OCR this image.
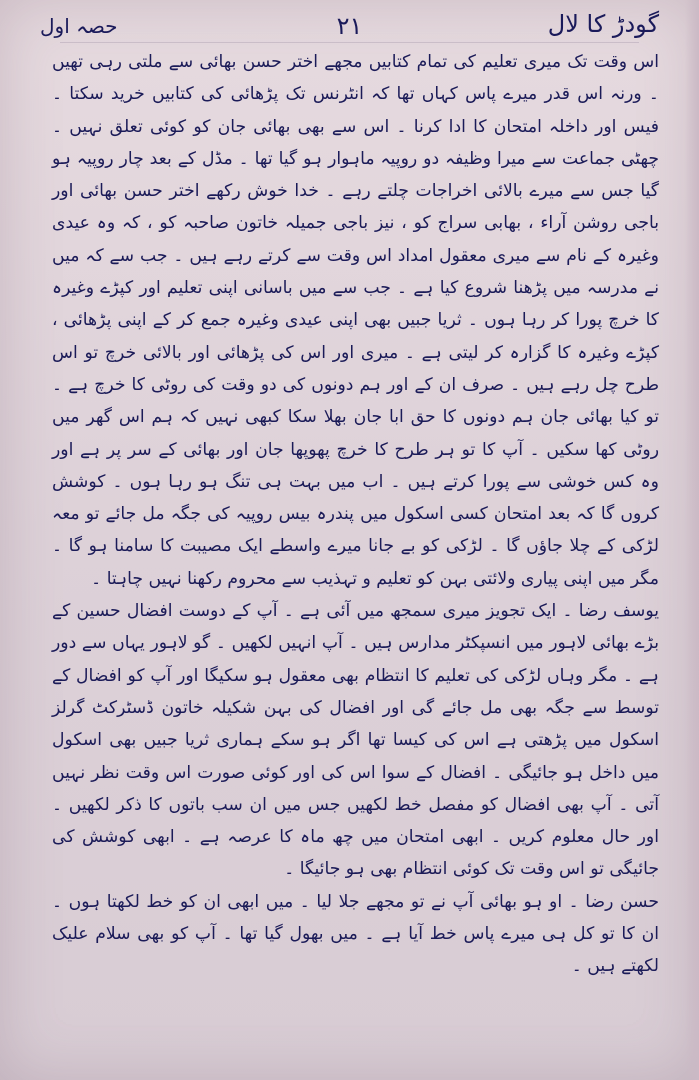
گودڑ کا لال
۲۱
حصہ اول

اس وقت تک میری تعلیم کی تمام کتابیں مجھے اختر حسن بھائی سے ملتی رہی تھیں ۔ ورنہ اس قدر میرے پاس کہاں تھا کہ انٹرنس تک پڑھائی کی کتابیں خرید سکتا ۔ فیس اور داخلہ امتحان کا ادا کرنا ۔ اس سے بھی بھائی جان کو کوئی تعلق نہیں ۔ چھٹی جماعت سے میرا وظیفہ دو روپیہ ماہوار ہو گیا تھا ۔ مڈل کے بعد چار روپیہ ہو گیا جس سے میرے بالائی اخراجات چلتے رہے ۔ خدا خوش رکھے اختر حسن بھائی اور باجی روشن آراء ، بھابی سراج کو ، نیز باجی جمیلہ خاتون صاحبہ کو ، کہ وہ عیدی وغیرہ کے نام سے میری معقول امداد اس وقت سے کرتے رہے ہیں ۔ جب سے کہ میں نے مدرسہ میں پڑھنا شروع کیا ہے ۔ جب سے میں باسانی اپنی تعلیم اور کپڑے وغیرہ کا خرچ پورا کر رہا ہوں ۔ ثریا جبیں بھی اپنی عیدی وغیرہ جمع کر کے اپنی پڑھائی ، کپڑے وغیرہ کا گزارہ کر لیتی ہے ۔ میری اور اس کی پڑھائی اور بالائی خرچ تو اس طرح چل رہے ہیں ۔ صرف ان کے اور ہم دونوں کی دو وقت کی روٹی کا خرچ ہے ۔ تو کیا بھائی جان ہم دونوں کا حق ابا جان بھلا سکا کبھی نہیں کہ ہم اس گھر میں روٹی کھا سکیں ۔ آپ کا تو ہر طرح کا خرچ پھوپھا جان اور بھائی کے سر پر ہے اور وہ کس خوشی سے پورا کرتے ہیں ۔ اب میں بہت ہی تنگ ہو رہا ہوں ۔ کوشش کروں گا کہ بعد امتحان کسی اسکول میں پندرہ بیس روپیہ کی جگہ مل جائے تو معہ لڑکی کے چلا جاؤں گا ۔ لڑکی کو بے جانا میرے واسطے ایک مصیبت کا سامنا ہو گا ۔ مگر میں اپنی پیاری ولائتی بہن کو تعلیم و تہذیب سے محروم رکھنا نہیں چاہتا ۔

یوسف رضا ۔ ایک تجویز میری سمجھ میں آئی ہے ۔ آپ کے دوست افضال حسین کے بڑے بھائی لاہور میں انسپکٹر مدارس ہیں ۔ آپ انہیں لکھیں ۔ گو لاہور یہاں سے دور ہے ۔ مگر وہاں لڑکی کی تعلیم کا انتظام بھی معقول ہو سکیگا اور آپ کو افضال کے توسط سے جگہ بھی مل جائے گی اور افضال کی بہن شکیلہ خاتون ڈسٹرکٹ گرلز اسکول میں پڑھتی ہے اس کی کیسا تھا اگر ہو سکے ہماری ثریا جبیں بھی اسکول میں داخل ہو جائیگی ۔ افضال کے سوا اس کی اور کوئی صورت اس وقت نظر نہیں آتی ۔ آپ بھی افضال کو مفصل خط لکھیں جس میں ان سب باتوں کا ذکر لکھیں ۔ اور حال معلوم کریں ۔ ابھی امتحان میں چھ ماہ کا عرصہ ہے ۔ ابھی کوشش کی جائیگی تو اس وقت تک کوئی انتظام بھی ہو جائیگا ۔

حسن رضا ۔ او ہو بھائی آپ نے تو مجھے جلا لیا ۔ میں ابھی ان کو خط لکھتا ہوں ۔ ان کا تو کل ہی میرے پاس خط آیا ہے ۔ میں بھول گیا تھا ۔ آپ کو بھی سلام علیک لکھتے ہیں ۔
